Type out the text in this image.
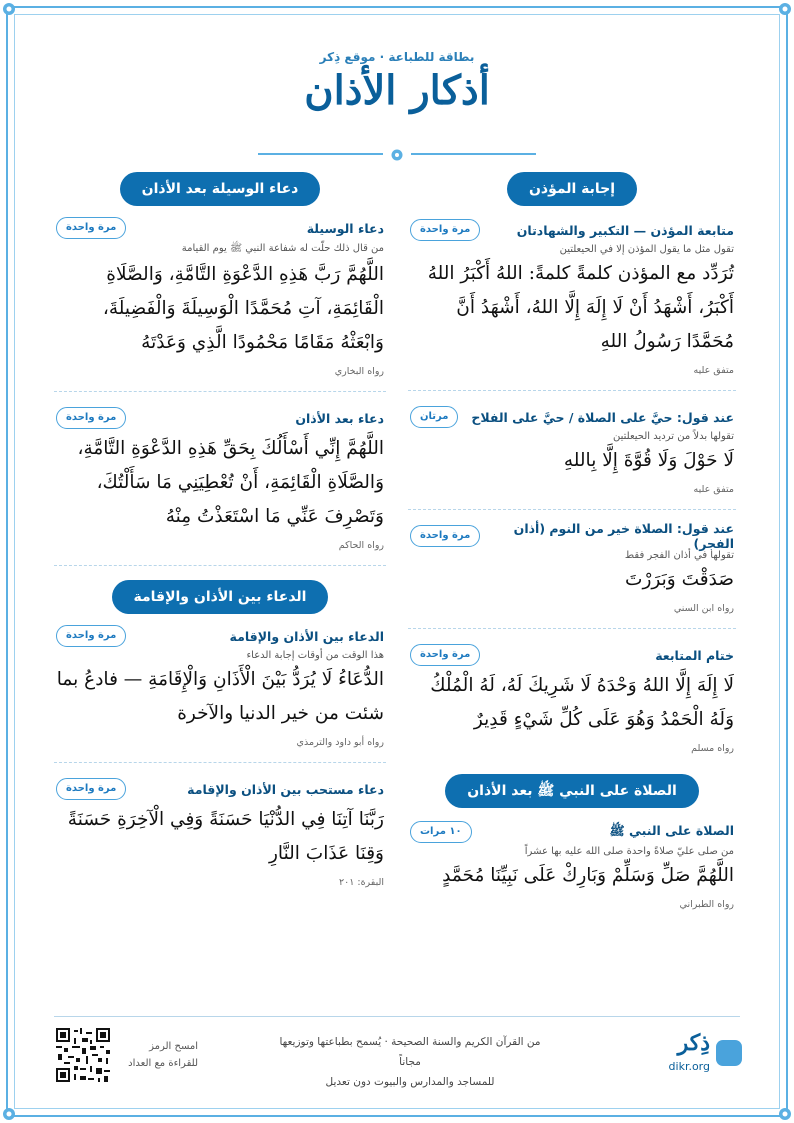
بطاقة للطباعة · موقع ذِكر
أذكار الأذان
إجابة المؤذن
متابعة المؤذن — التكبير والشهادتان
مرة واحدة
تقول مثل ما يقول المؤذن إلا في الحيعلتين
تُرَدِّد مع المؤذن كلمةً كلمةً: اللهُ أَكْبَرُ اللهُ أَكْبَرُ، أَشْهَدُ أَنْ لَا إِلَهَ إِلَّا اللهُ، أَشْهَدُ أَنَّ مُحَمَّدًا رَسُولُ اللهِ
متفق عليه
عند قول: حيَّ على الصلاة / حيَّ على الفلاح
مرتان
تقولها بدلاً من ترديد الحيعلتين
لَا حَوْلَ وَلَا قُوَّةَ إِلَّا بِاللهِ
متفق عليه
عند قول: الصلاة خير من النوم (أذان الفجر)
مرة واحدة
تقولها في أذان الفجر فقط
صَدَقْتَ وَبَرَرْتَ
رواه ابن السني
ختام المتابعة
مرة واحدة
لَا إِلَهَ إِلَّا اللهُ وَحْدَهُ لَا شَرِيكَ لَهُ، لَهُ الْمُلْكُ وَلَهُ الْحَمْدُ وَهُوَ عَلَى كُلِّ شَيْءٍ قَدِيرٌ
رواه مسلم
الصلاة على النبي ﷺ بعد الأذان
الصلاة على النبي ﷺ
١٠ مرات
من صلى عليّ صلاةً واحدة صلى الله عليه بها عشراً
اللَّهُمَّ صَلِّ وَسَلِّمْ وَبَارِكْ عَلَى نَبِيِّنَا مُحَمَّدٍ
رواه الطبراني
دعاء الوسيلة بعد الأذان
دعاء الوسيلة
مرة واحدة
من قال ذلك حلّت له شفاعة النبي ﷺ يوم القيامة
اللَّهُمَّ رَبَّ هَذِهِ الدَّعْوَةِ التَّامَّةِ، وَالصَّلَاةِ الْقَائِمَةِ، آتِ مُحَمَّدًا الْوَسِيلَةَ وَالْفَضِيلَةَ، وَابْعَثْهُ مَقَامًا مَحْمُودًا الَّذِي وَعَدْتَهُ
رواه البخاري
دعاء بعد الأذان
مرة واحدة
اللَّهُمَّ إِنِّي أَسْأَلُكَ بِحَقِّ هَذِهِ الدَّعْوَةِ التَّامَّةِ، وَالصَّلَاةِ الْقَائِمَةِ، أَنْ تُعْطِيَنِي مَا سَأَلْتُكَ، وَتَصْرِفَ عَنِّي مَا اسْتَعَذْتُ مِنْهُ
رواه الحاكم
الدعاء بين الأذان والإقامة
الدعاء بين الأذان والإقامة
مرة واحدة
هذا الوقت من أوقات إجابة الدعاء
الدُّعَاءُ لَا يُرَدُّ بَيْنَ الْأَذَانِ وَالْإِقَامَةِ — فادعُ بما شئت من خير الدنيا والآخرة
رواه أبو داود والترمذي
دعاء مستحب بين الأذان والإقامة
مرة واحدة
رَبَّنَا آتِنَا فِي الدُّنْيَا حَسَنَةً وَفِي الْآخِرَةِ حَسَنَةً وَقِنَا عَذَابَ النَّارِ
البقرة: ٢٠١
من القرآن الكريم والسنة الصحيحة · يُسمح بطباعتها وتوزيعها مجاناً
للمساجد والمدارس والبيوت دون تعديل
ذِكر
dikr.org
امسح الرمز
للقراءة مع العداد
